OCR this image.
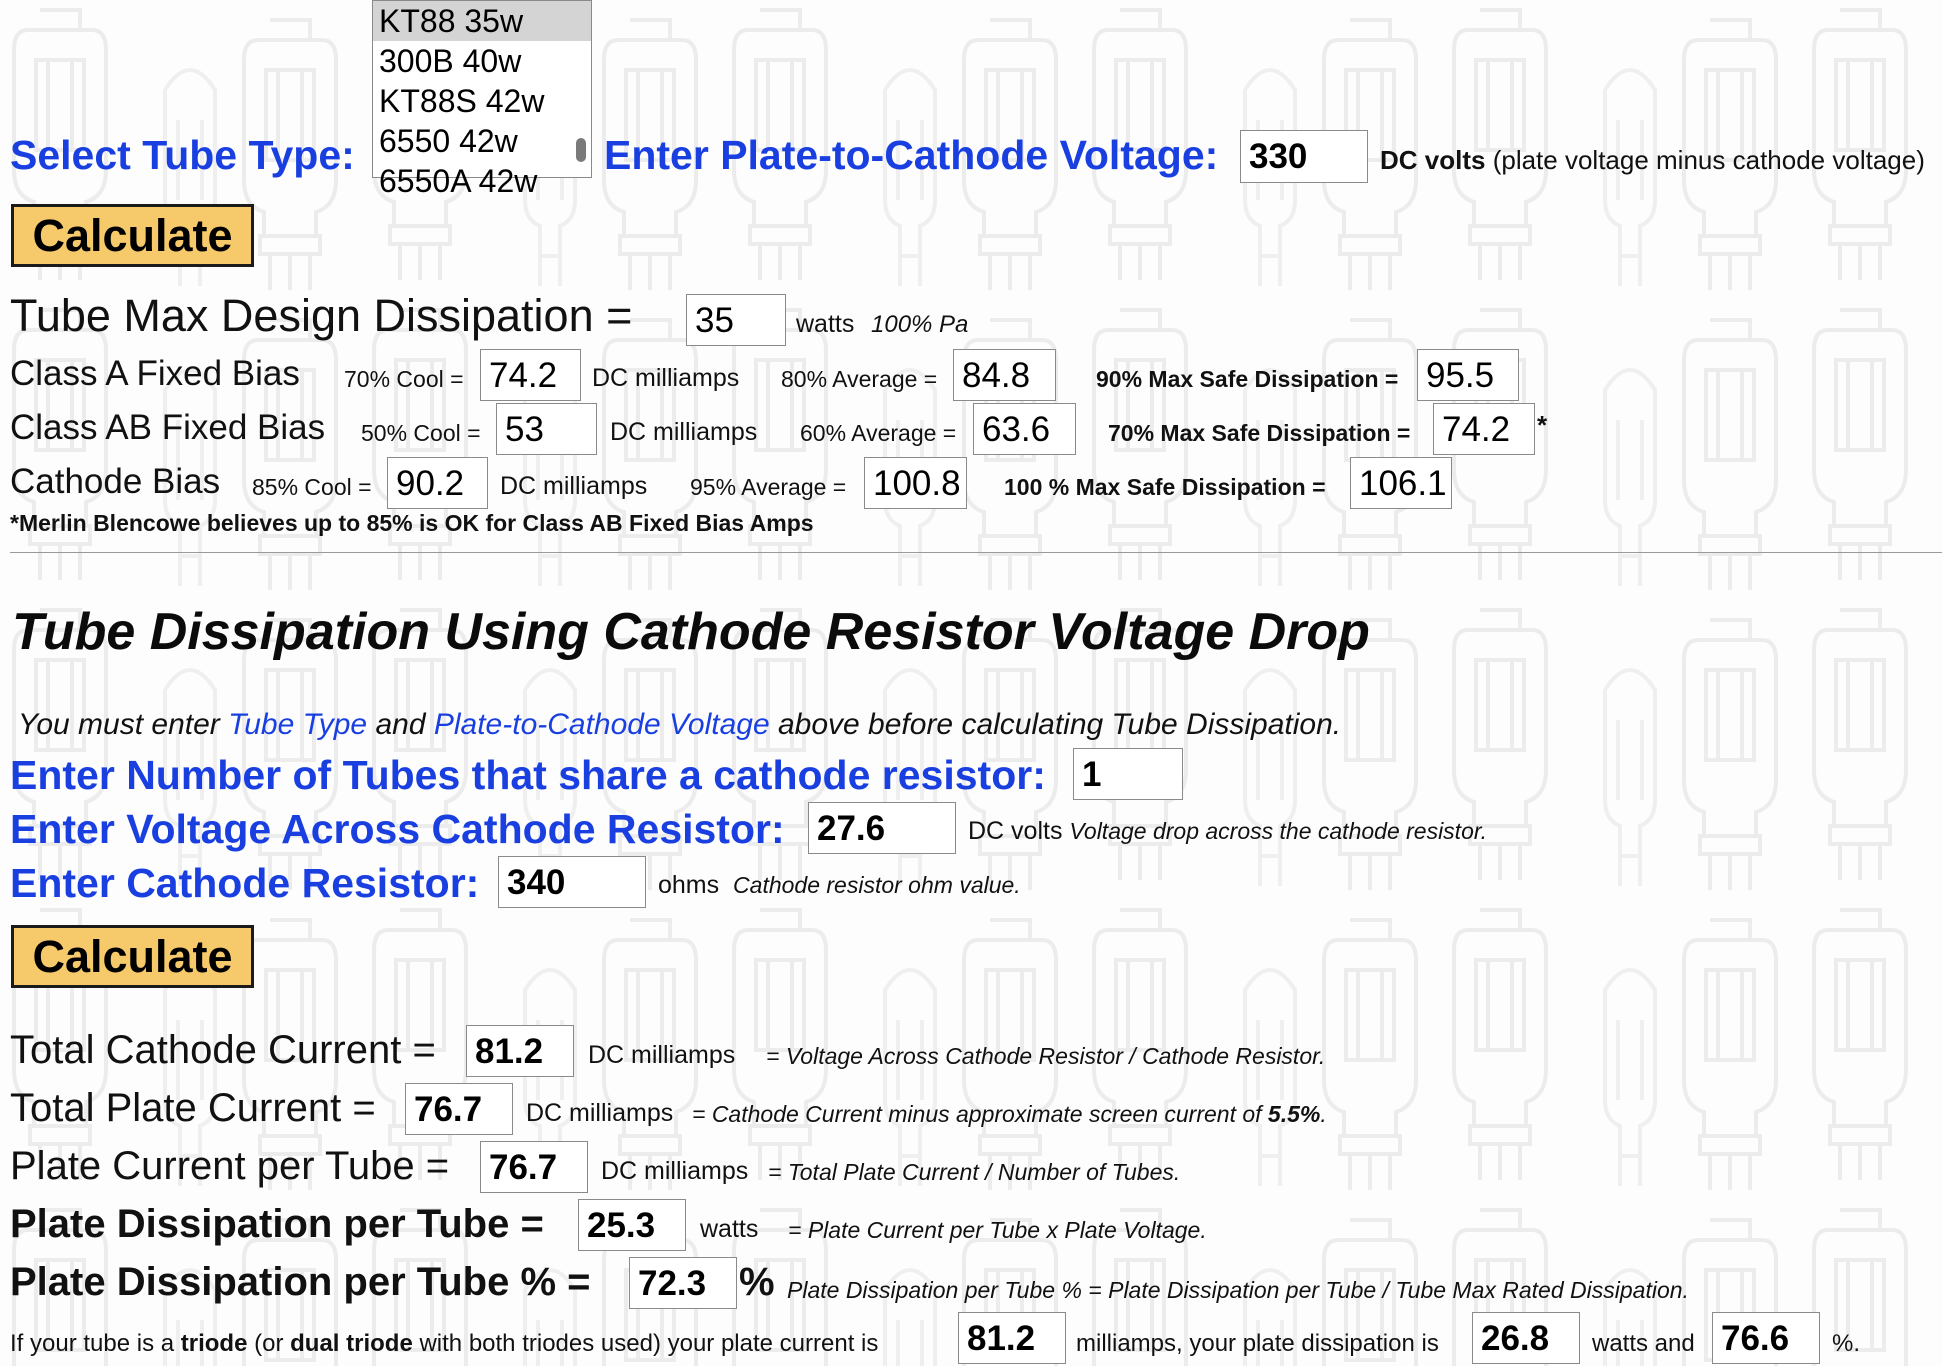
Select Tube Type:
KT88 35w
300B 40w
KT88S 42w
6550 42w
6550A 42w
Enter Plate-to-Cathode Voltage: 330	DC volts (plate voltage minus cathode voltage)
Calculate
Tube Max Design Dissipation = 35	watts 100% Pa
Class A Fixed Bias 70% Cool = 74.2	DC milliamps 80% Average = 84.8	90% Max Safe Dissipation = 95.5
Class AB Fixed Bias 50% Cool = 53	DC milliamps 60% Average = 63.6	70% Max Safe Dissipation = 74.2	*
Cathode Bias 85% Cool = 90.2	DC milliamps 95% Average = 100.8 100 % Max Safe Dissipation = 106.1
*Merlin Blencowe believes up to 85% is OK for Class AB Fixed Bias Amps
Tube Dissipation Using Cathode Resistor Voltage Drop
You must enter Tube Type and Plate-to-Cathode Voltage above before calculating Tube Dissipation.
Enter Number of Tubes that share a cathode resistor: 1
Enter Voltage Across Cathode Resistor: 27.6	DC volts Voltage drop across the cathode resistor.
Enter Cathode Resistor: 340	ohms Cathode resistor ohm value.
Calculate
Total Cathode Current = 81.2	DC milliamps = Voltage Across Cathode Resistor / Cathode Resistor.
Total Plate Current = 76.7	DC milliamps = Cathode Current minus approximate screen current of 5.5%.
Plate Current per Tube = 76.7	DC milliamps = Total Plate Current / Number of Tubes.
Plate Dissipation per Tube = 25.3	watts = Plate Current per Tube x Plate Voltage.
Plate Dissipation per Tube % = 72.3 % Plate Dissipation per Tube % = Plate Dissipation per Tube / Tube Max Rated Dissipation.
If your tube is a triode (or dual triode with both triodes used) your plate current is	81.2	milliamps, your plate dissipation is 26.8	watts and 76.6	%.
